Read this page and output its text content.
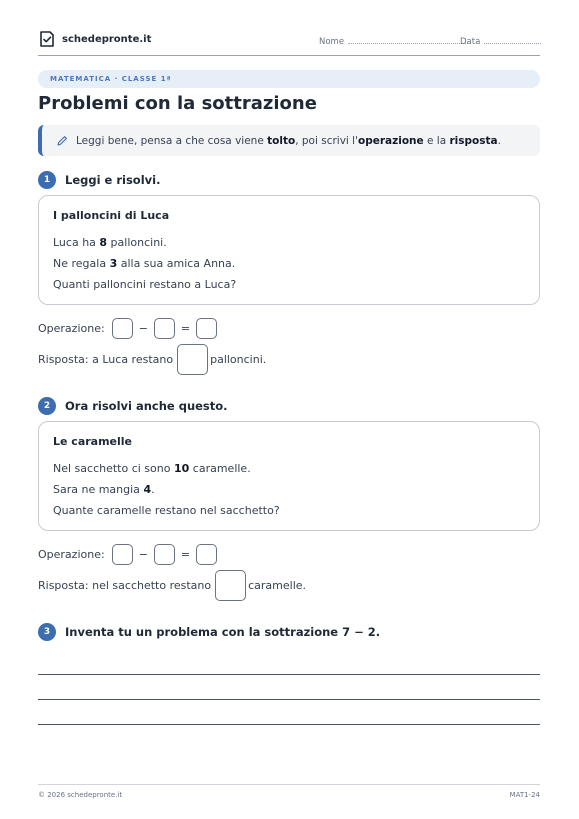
schedepronte.it	Nome	Data
MATEMATICA · CLASSE 1ª
Problemi con la sottrazione
Leggi bene, pensa a che cosa viene tolto, poi scrivi l'operazione e la risposta.
1	Leggi e risolvi.
I palloncini di Luca
Luca ha 8 palloncini.
Ne regala 3 alla sua amica Anna.
Quanti palloncini restano a Luca?
Operazione:	−	=
Risposta: a Luca restano	palloncini.
2	Ora risolvi anche questo.
Le caramelle
Nel sacchetto ci sono 10 caramelle.
Sara ne mangia 4.
Quante caramelle restano nel sacchetto?
Operazione:	−	=
Risposta: nel sacchetto restano	caramelle.
3	Inventa tu un problema con la sottrazione 7 − 2.
© 2026 schedepronte.it	MAT1-24
